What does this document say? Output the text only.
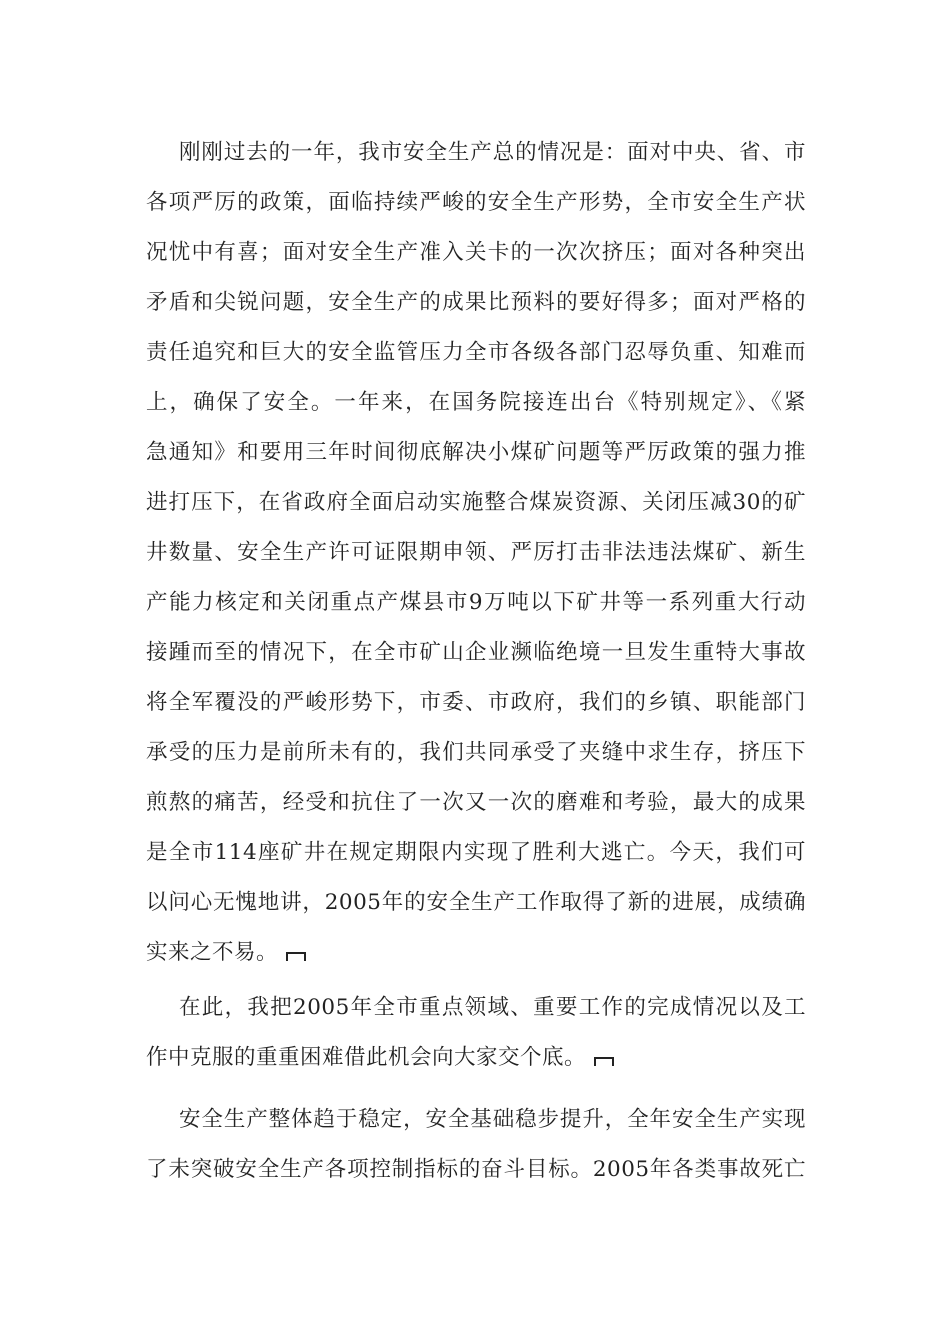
刚刚过去的一年，我市安全生产总的情况是：面对中央、省、市
各项严厉的政策，面临持续严峻的安全生产形势，全市安全生产状
况忧中有喜；面对安全生产准入关卡的一次次挤压；面对各种突出
矛盾和尖锐问题，安全生产的成果比预料的要好得多；面对严格的
责任追究和巨大的安全监管压力全市各级各部门忍辱负重、知难而
上，确保了安全。一年来，在国务院接连出台《特别规定》、《紧
急通知》和要用三年时间彻底解决小煤矿问题等严厉政策的强力推
进打压下，在省政府全面启动实施整合煤炭资源、关闭压减30的矿
井数量、安全生产许可证限期申领、严厉打击非法违法煤矿、新生
产能力核定和关闭重点产煤县市9万吨以下矿井等一系列重大行动
接踵而至的情况下，在全市矿山企业濒临绝境一旦发生重特大事故
将全军覆没的严峻形势下，市委、市政府，我们的乡镇、职能部门
承受的压力是前所未有的，我们共同承受了夹缝中求生存，挤压下
煎熬的痛苦，经受和抗住了一次又一次的磨难和考验，最大的成果
是全市114座矿井在规定期限内实现了胜利大逃亡。今天，我们可
以问心无愧地讲，2005年的安全生产工作取得了新的进展，成绩确
实来之不易。
在此，我把2005年全市重点领域、重要工作的完成情况以及工
作中克服的重重困难借此机会向大家交个底。
安全生产整体趋于稳定，安全基础稳步提升，全年安全生产实现
了未突破安全生产各项控制指标的奋斗目标。2005年各类事故死亡
